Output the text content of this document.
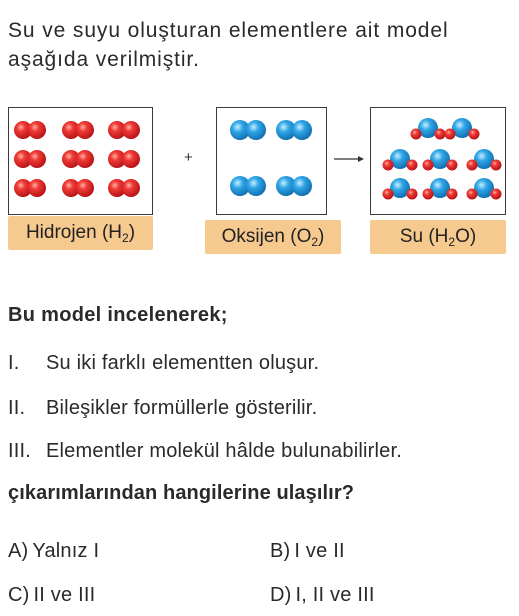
Su ve suyu oluşturan elementlere ait model
aşağıda verilmiştir.
+
Hidrojen $(H_2)$	Oksijen $(O_2)$	Su $(H_2O)$
Bu model incelenerek;
I. Su iki farklı elementten oluşur.
II. Bileşikler formüllerle gösterilir.
III. Elementler molekül hâlde bulunabilirler.
çıkarımlarından hangilerine ulaşılır?
A) Yalnız I	B) I ve II
C) II ve III	D) I, II ve III
